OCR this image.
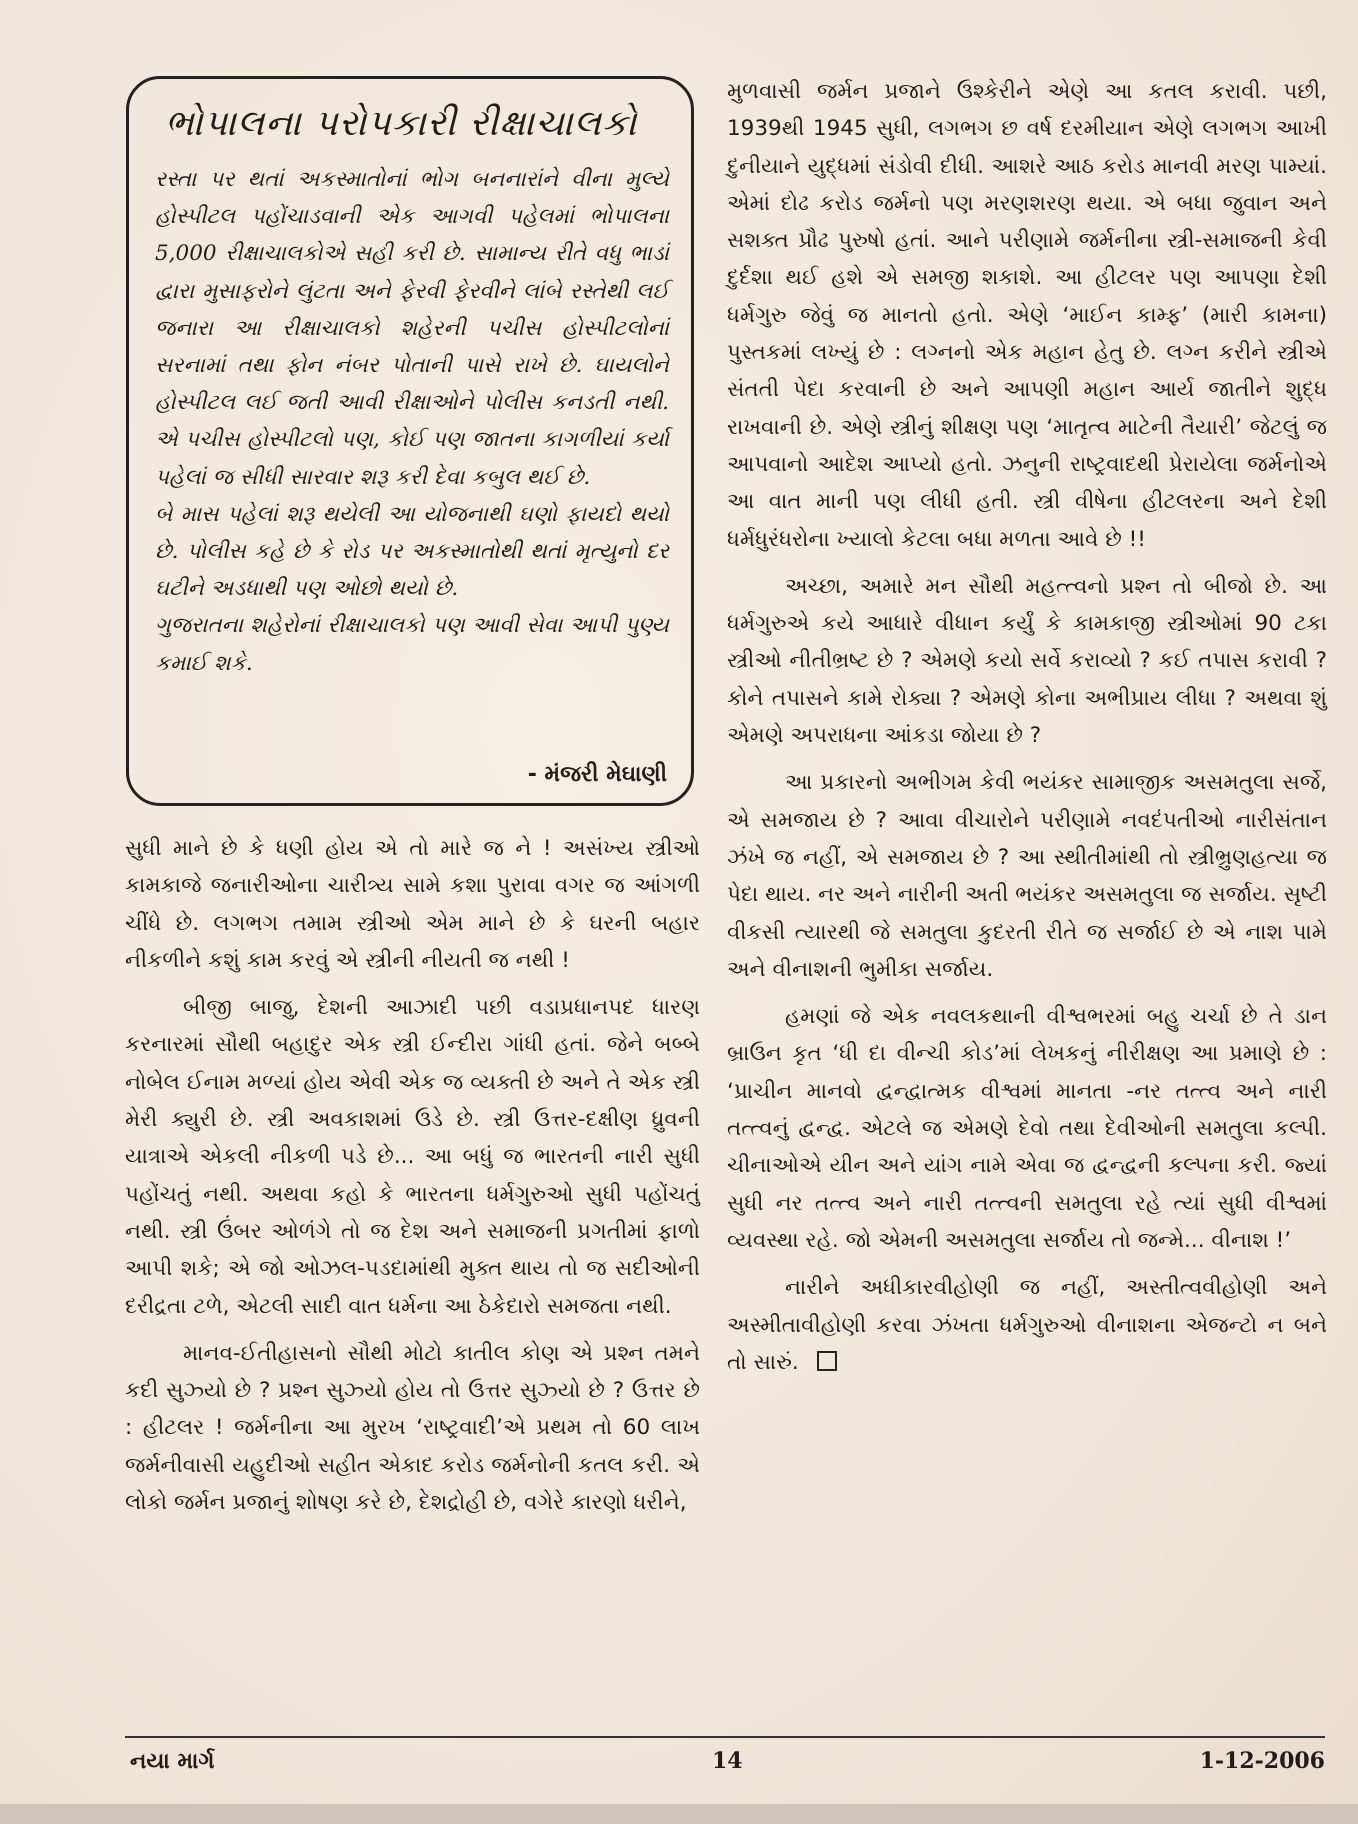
ભોપાલના પરોપકારી રીક્ષાચાલકો

રસ્તા પર થતાં અકસ્માતોનાં ભોગ બનનારાંને વીના મુલ્યે હોસ્પીટલ પહોંચાડવાની એક આગવી પહેલમાં ભોપાલના 5,000 રીક્ષાચાલકોએ સહી કરી છે. સામાન્ય રીતે વધુ ભાડાં દ્વારા મુસાફરોને લુંટતા અને ફેરવી ફેરવીને લાંબે રસ્તેથી લઈ જનારા આ રીક્ષાચાલકો શહેરની પચીસ હોસ્પીટલોનાં સરનામાં તથા ફોન નંબર પોતાની પાસે રાખે છે. ઘાયલોને હોસ્પીટલ લઈ જતી આવી રીક્ષાઓને પોલીસ કનડતી નથી. એ પચીસ હોસ્પીટલો પણ, કોઈ પણ જાતના કાગળીયાં કર્યા પહેલાં જ સીધી સારવાર શરૂ કરી દેવા કબુલ થઈ છે.

બે માસ પહેલાં શરૂ થયેલી આ યોજનાથી ઘણો ફાયદો થયો છે. પોલીસ કહે છે કે રોડ પર અકસ્માતોથી થતાં મૃત્યુનો દર ઘટીને અડધાથી પણ ઓછો થયો છે.

ગુજરાતના શહેરોનાં રીક્ષાચાલકો પણ આવી સેવા આપી પુણ્ય કમાઈ શકે.

- મંજરી મેઘાણી

સુધી માને છે કે ધણી હોય એ તો મારે જ ને ! અસંખ્ય સ્ત્રીઓ કામકાજે જનારીઓના ચારીત્ર્ય સામે કશા પુરાવા વગર જ આંગળી ચીંધે છે. લગભગ તમામ સ્ત્રીઓ એમ માને છે કે ઘરની બહાર નીકળીને કશું કામ કરવું એ સ્ત્રીની નીયતી જ નથી !

બીજી બાજુ, દેશની આઝાદી પછી વડાપ્રધાનપદ ધારણ કરનારમાં સૌથી બહાદુર એક સ્ત્રી ઈન્દીરા ગાંધી હતાં. જેને બબ્બે નોબેલ ઈનામ મળ્યાં હોય એવી એક જ વ્યક્તી છે અને તે એક સ્ત્રી મેરી ક્યુરી છે. સ્ત્રી અવકાશમાં ઉડે છે. સ્ત્રી ઉત્તર-દક્ષીણ ધ્રુવની યાત્રાએ એકલી નીકળી પડે છે... આ બધું જ ભારતની નારી સુધી પહોંચતું નથી. અથવા કહો કે ભારતના ધર્મગુરુઓ સુધી પહોંચતું નથી. સ્ત્રી ઉંબર ઓળંગે તો જ દેશ અને સમાજની પ્રગતીમાં ફાળો આપી શકે; એ જો ઓઝલ-પડદામાંથી મુક્ત થાય તો જ સદીઓની દરીદ્રતા ટળે, એટલી સાદી વાત ધર્મના આ ઠેકેદારો સમજતા નથી.

માનવ-ઈતીહાસનો સૌથી મોટો કાતીલ કોણ એ પ્રશ્ન તમને કદી સુઝ્યો છે ? પ્રશ્ન સુઝ્યો હોય તો ઉત્તર સુઝ્યો છે ? ઉત્તર છે : હીટલર ! જર્મનીના આ મુરખ ‘રાષ્ટ્રવાદી’એ પ્રથમ તો 60 લાખ જર્મનીવાસી યહુદીઓ સહીત એકાદ કરોડ જર્મનોની કતલ કરી. એ લોકો જર્મન પ્રજાનું શોષણ કરે છે, દેશદ્રોહી છે, વગેરે કારણો ધરીને,

મુળવાસી જર્મન પ્રજાને ઉશ્કેરીને એણે આ કતલ કરાવી. પછી, 1939થી 1945 સુધી, લગભગ છ વર્ષ દરમીયાન એણે લગભગ આખી દુનીયાને યુદ્ધમાં સંડોવી દીધી. આશરે આઠ કરોડ માનવી મરણ પામ્યાં. એમાં દોઢ કરોડ જર્મનો પણ મરણશરણ થયા. એ બધા જુવાન અને સશક્ત પ્રૌઢ પુરુષો હતાં. આને પરીણામે જર્મનીના સ્ત્રી-સમાજની કેવી દુર્દશા થઈ હશે એ સમજી શકાશે. આ હીટલર પણ આપણા દેશી ધર્મગુરુ જેવું જ માનતો હતો. એણે ‘માઈન કામ્ફ’ (મારી કામના) પુસ્તકમાં લખ્યું છે : લગ્નનો એક મહાન હેતુ છે. લગ્ન કરીને સ્ત્રીએ સંતતી પેદા કરવાની છે અને આપણી મહાન આર્ય જાતીને શુદ્ધ રાખવાની છે. એણે સ્ત્રીનું શીક્ષણ પણ ‘માતૃત્વ માટેની તૈયારી’ જેટલું જ આપવાનો આદેશ આપ્યો હતો. ઝનુની રાષ્ટ્રવાદથી પ્રેરાયેલા જર્મનોએ આ વાત માની પણ લીધી હતી. સ્ત્રી વીષેના હીટલરના અને દેશી ધર્મધુરંધરોના ખ્યાલો કેટલા બધા મળતા આવે છે !!

અચ્છા, અમારે મન સૌથી મહત્ત્વનો પ્રશ્ન તો બીજો છે. આ ધર્મગુરુએ કયે આધારે વીધાન કર્યું કે કામકાજી સ્ત્રીઓમાં 90 ટકા સ્ત્રીઓ નીતીભ્રષ્ટ છે ? એમણે કયો સર્વે કરાવ્યો ? કઈ તપાસ કરાવી ? કોને તપાસને કામે રોક્યા ? એમણે કોના અભીપ્રાય લીધા ? અથવા શું એમણે અપરાધના આંકડા જોયા છે ?

આ પ્રકારનો અભીગમ કેવી ભયંકર સામાજીક અસમતુલા સર્જે, એ સમજાય છે ? આવા વીચારોને પરીણામે નવદંપતીઓ નારીસંતાન ઝંખે જ નહીં, એ સમજાય છે ? આ સ્થીતીમાંથી તો સ્ત્રીભ્રુણહત્યા જ પેદા થાય. નર અને નારીની અતી ભયંકર અસમતુલા જ સર્જાય. સૃષ્ટી વીકસી ત્યારથી જે સમતુલા કુદરતી રીતે જ સર્જાઈ છે એ નાશ પામે અને વીનાશની ભુમીકા સર્જાય.

હમણાં જે એક નવલકથાની વીશ્વભરમાં બહુ ચર્ચા છે તે ડાન બ્રાઉન કૃત ‘ધી દા વીન્ચી કોડ’માં લેખકનું નીરીક્ષણ આ પ્રમાણે છે : ‘પ્રાચીન માનવો દ્વન્દ્વાત્મક વીશ્વમાં માનતા -નર તત્ત્વ અને નારી તત્ત્વનું દ્વન્દ્વ. એટલે જ એમણે દેવો તથા દેવીઓની સમતુલા કલ્પી. ચીનાઓએ યીન અને યાંગ નામે એવા જ દ્વન્દ્વની કલ્પના કરી. જ્યાં સુધી નર તત્ત્વ અને નારી તત્ત્વની સમતુલા રહે ત્યાં સુધી વીશ્વમાં વ્યવસ્થા રહે. જો એમની અસમતુલા સર્જાય તો જન્મે... વીનાશ !’

નારીને અધીકારવીહોણી જ નહીં, અસ્તીત્વવીહોણી અને અસ્મીતાવીહોણી કરવા ઝંખતા ધર્મગુરુઓ વીનાશના એજન્ટો ન બને તો સારું.

નયા માર્ગ	14	1-12-2006
